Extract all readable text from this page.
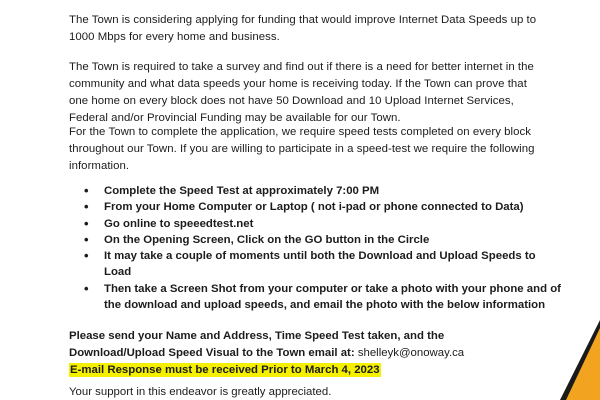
The Town is considering applying for funding that would improve Internet Data Speeds up to 1000 Mbps for every home and business.

The Town is required to take a survey and find out if there is a need for better internet in the community and what data speeds your home is receiving today. If the Town can prove that one home on every block does not have 50 Download and 10 Upload Internet Services, Federal and/or Provincial Funding may be available for our Town.

For the Town to complete the application, we require speed tests completed on every block throughout our Town. If you are willing to participate in a speed-test we require the following information.

• Complete the Speed Test at approximately 7:00 PM
• From your Home Computer or Laptop ( not i-pad or phone connected to Data)
• Go online to speeedtest.net
• On the Opening Screen, Click on the GO button in the Circle
• It may take a couple of moments until both the Download and Upload Speeds to Load
• Then take a Screen Shot from your computer or take a photo with your phone and of the download and upload speeds, and email the photo with the below information
Please send your Name and Address, Time Speed Test taken, and the Download/Upload Speed Visual to the Town email at: shelleyk@onoway.ca
E-mail Response must be received Prior to March 4, 2023

Your support in this endeavor is greatly appreciated.
